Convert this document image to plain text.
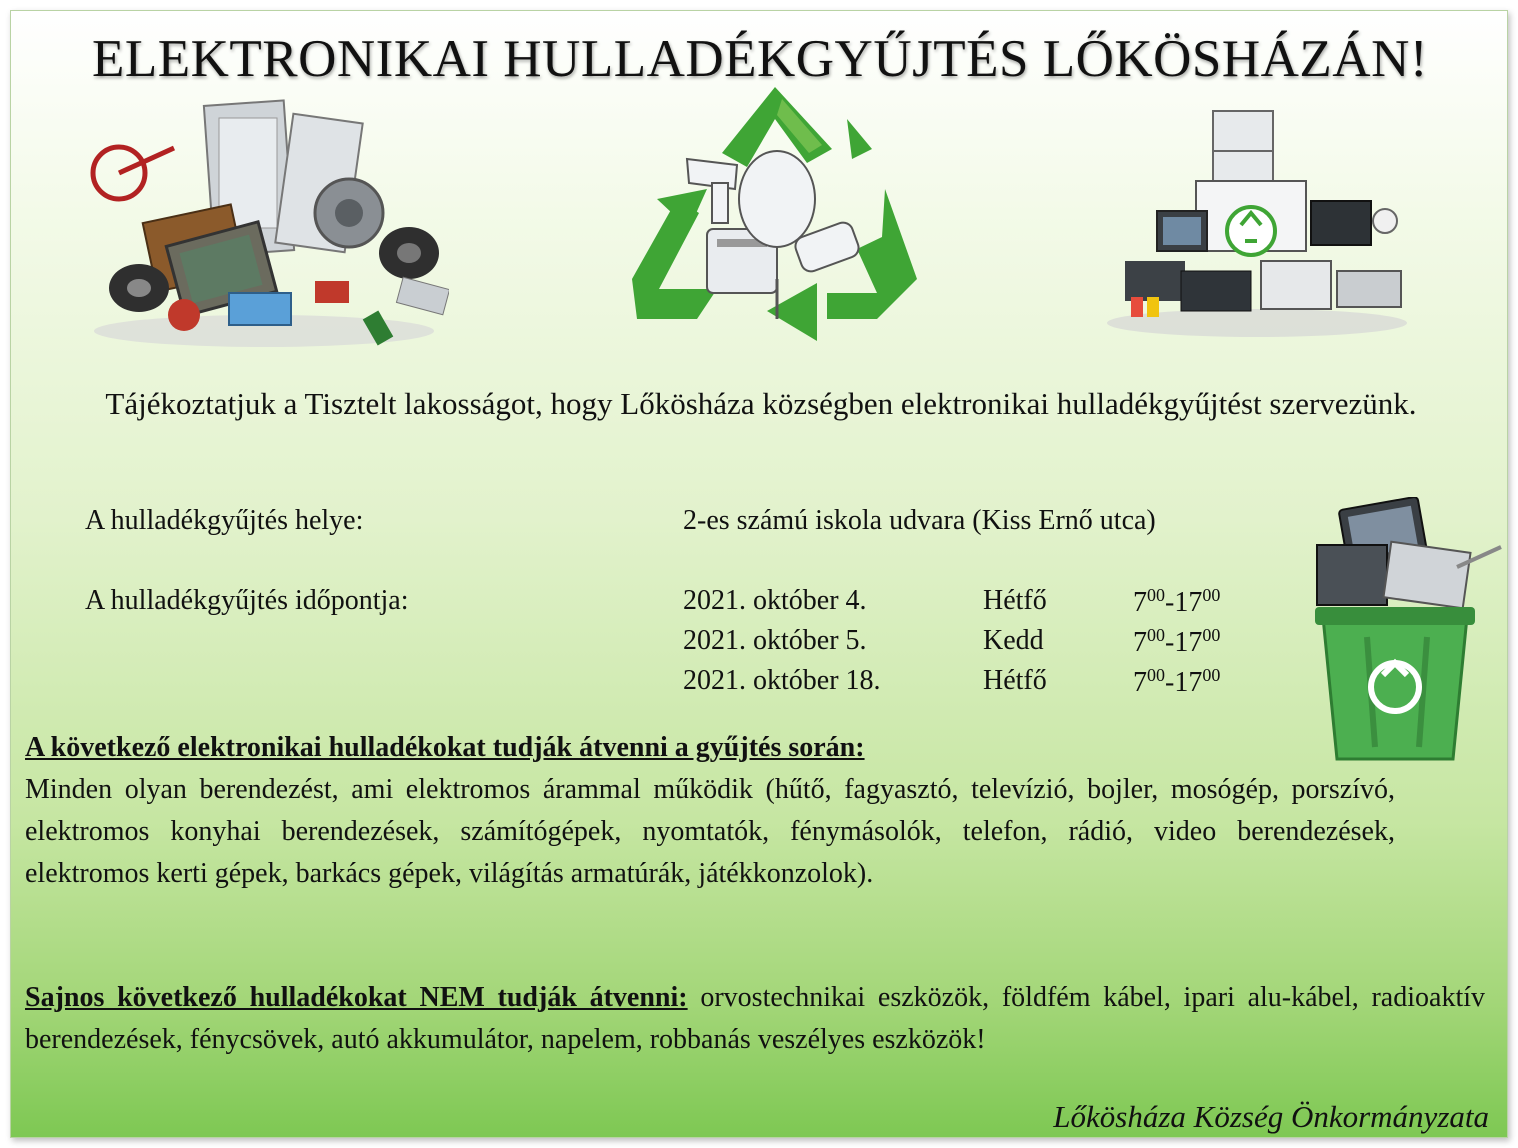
ELEKTRONIKAI HULLADÉKGYŰJTÉS LŐKÖSHÁZÁN!
Tájékoztatjuk a Tisztelt lakosságot, hogy Lőkösháza községben elektronikai hulladékgyűjtést szervezünk.
A hulladékgyűjtés helye:	2-es számú iskola udvara (Kiss Ernő utca)
A hulladékgyűjtés időpontja:	2021. október 4.	Hétfő	$7^{00}-17^{00}$
2021. október 5.	Kedd	$7^{00}-17^{00}$
2021. október 18.	Hétfő	$7^{00}-17^{00}$
A következő elektronikai hulladékokat tudják átvenni a gyűjtés során:
Minden olyan berendezést, ami elektromos árammal működik (hűtő, fagyasztó, televízió, bojler, mosógép, porszívó, elektromos konyhai berendezések, számítógépek, nyomtatók, fénymásolók, telefon, rádió, video berendezések, elektromos kerti gépek, barkács gépek, világítás armatúrák, játékkonzolok).
Sajnos következő hulladékokat NEM tudják átvenni: orvostechnikai eszközök, földfém kábel, ipari alu-kábel, radioaktív berendezések, fénycsövek, autó akkumulátor, napelem, robbanás veszélyes eszközök!
Lőkösháza Község Önkormányzata
